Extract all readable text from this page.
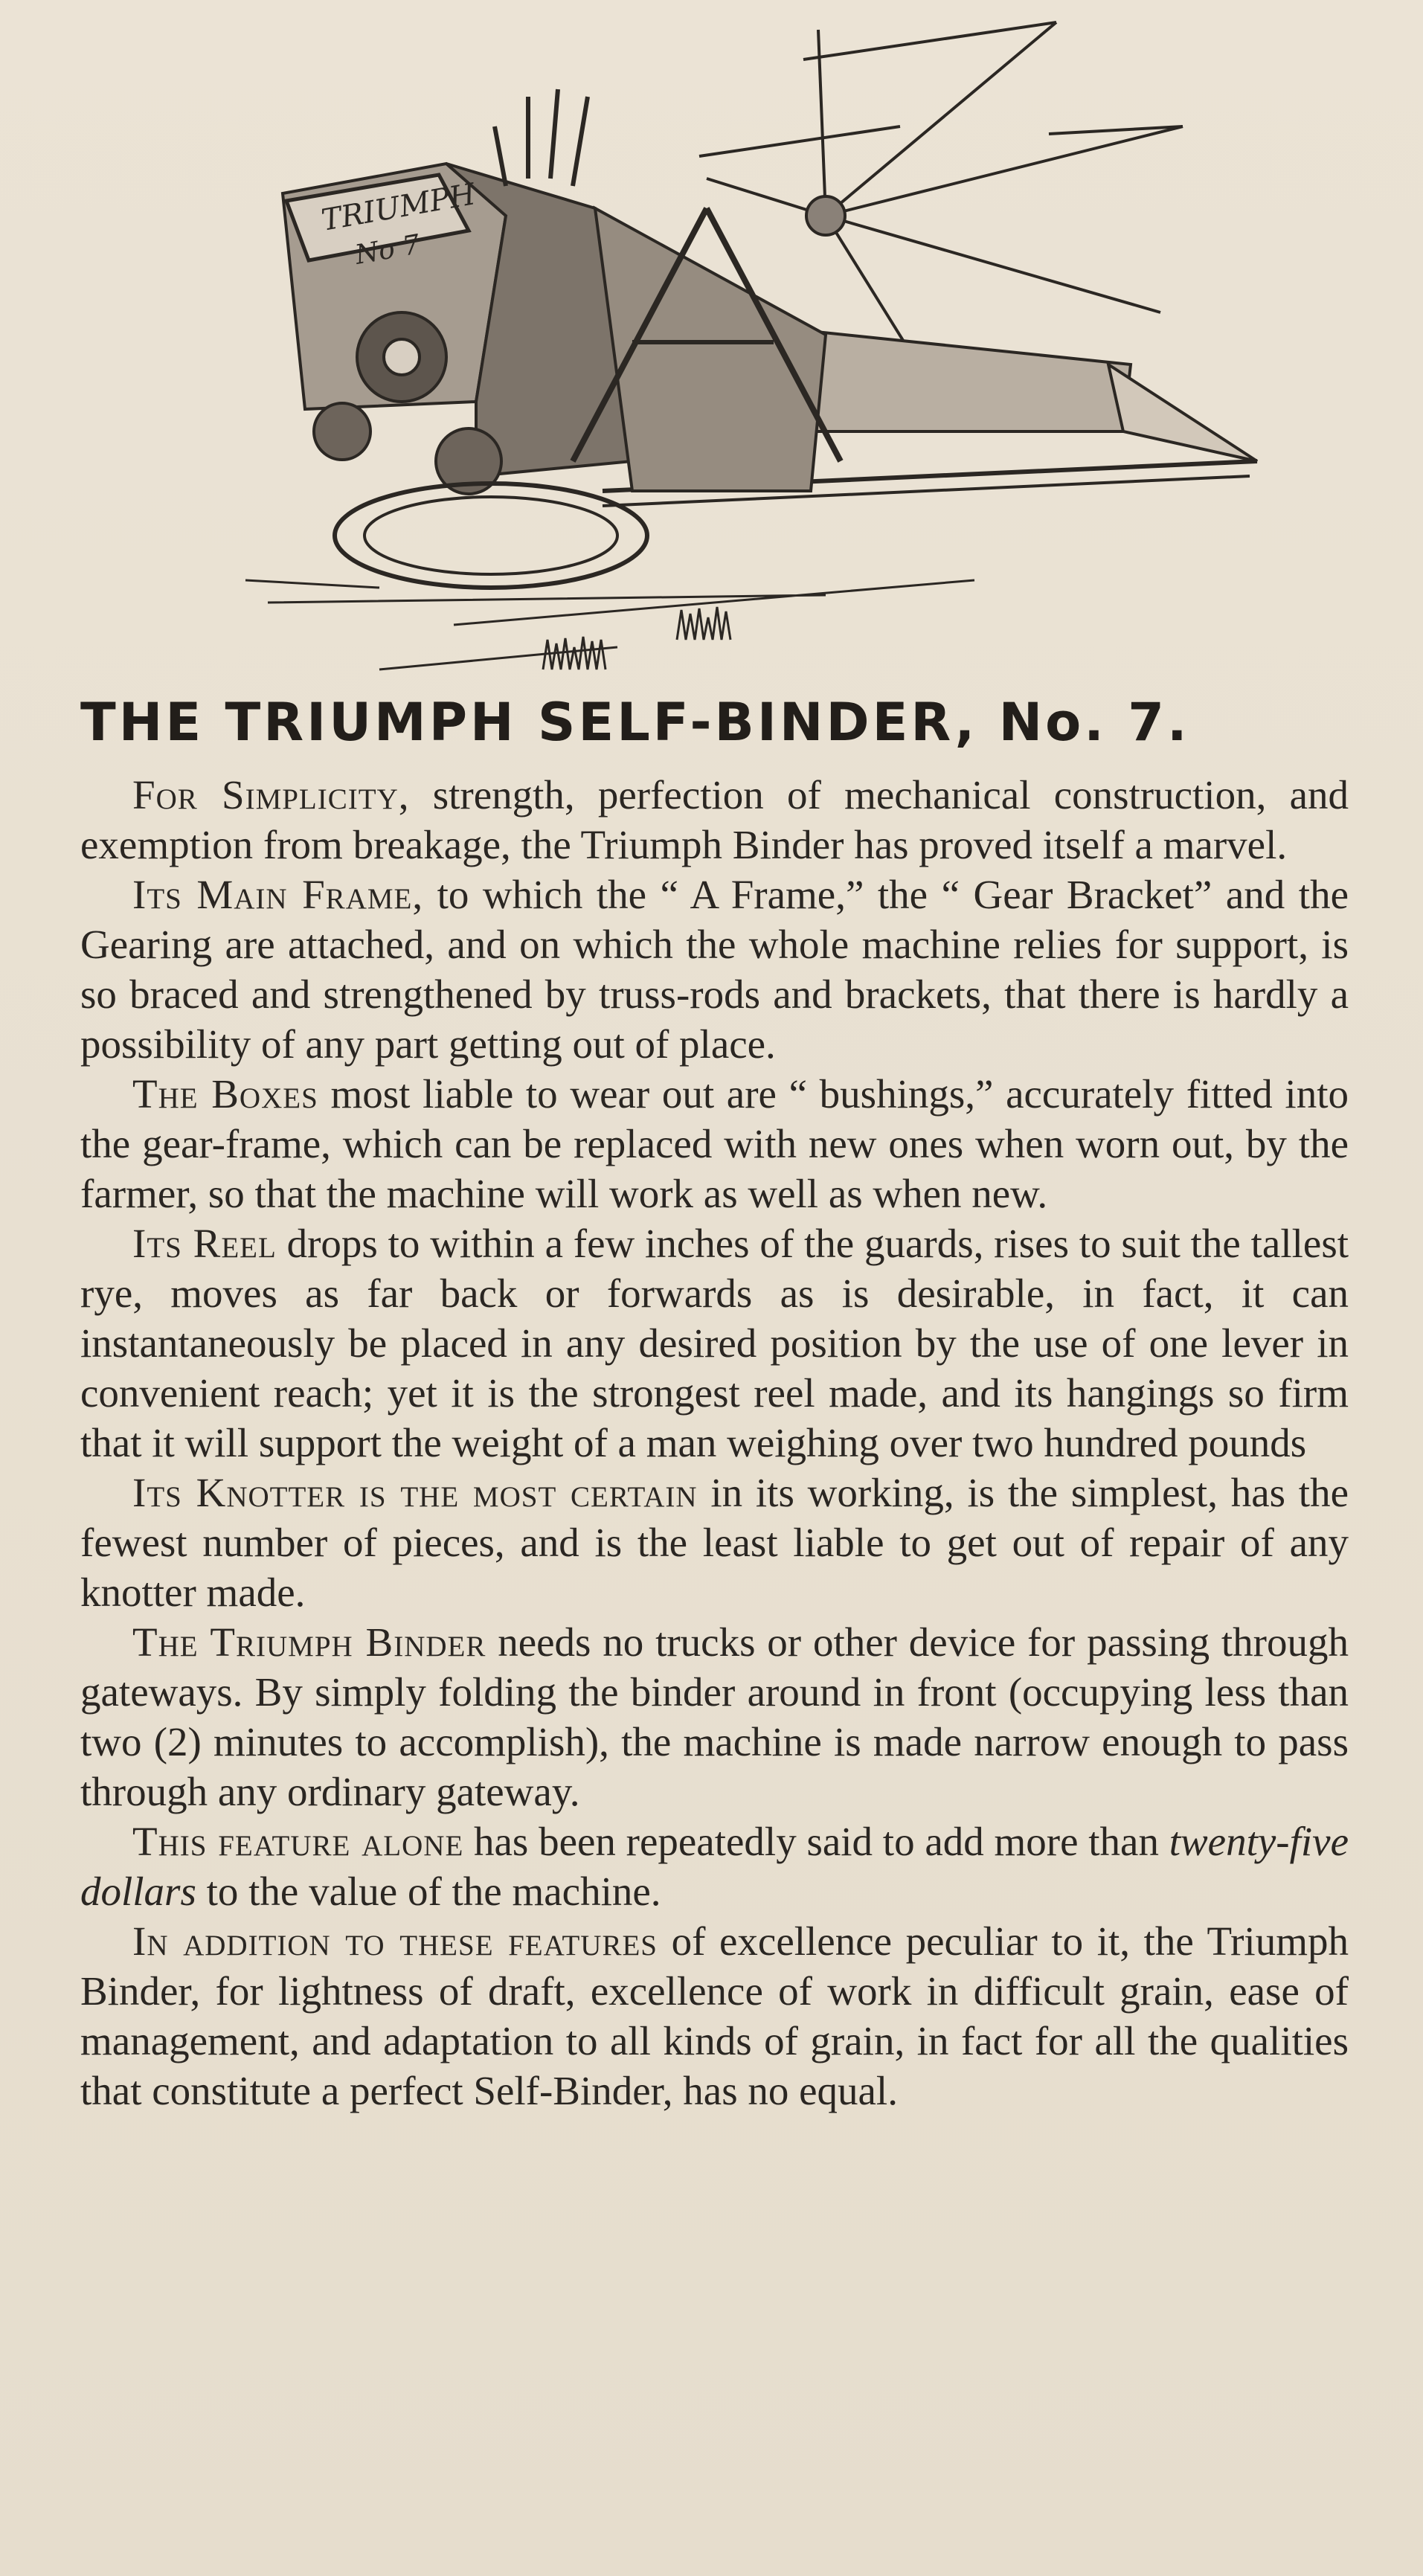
TRIUMPH
No 7
THE TRIUMPH SELF-BINDER, No. 7.

For Simplicity, strength, perfection of mechanical construction, and exemption from breakage, the Triumph Binder has proved itself a marvel.

Its Main Frame, to which the “ A Frame,” the “ Gear Bracket” and the Gearing are attached, and on which the whole machine relies for support, is so braced and strengthened by truss-rods and brackets, that there is hardly a possibility of any part getting out of place.

The Boxes most liable to wear out are “ bushings,” accurately fitted into the gear-frame, which can be replaced with new ones when worn out, by the farmer, so that the machine will work as well as when new.

Its Reel drops to within a few inches of the guards, rises to suit the tallest rye, moves as far back or forwards as is desirable, in fact, it can instantaneously be placed in any desired position by the use of one lever in convenient reach; yet it is the strongest reel made, and its hangings so firm that it will support the weight of a man weighing over two hundred pounds

Its Knotter is the most certain in its working, is the simplest, has the fewest number of pieces, and is the least liable to get out of repair of any knotter made.

The Triumph Binder needs no trucks or other device for passing through gateways. By simply folding the binder around in front (occupying less than two (2) minutes to accomplish), the machine is made narrow enough to pass through any ordinary gateway.

This feature alone has been repeatedly said to add more than twenty-five dollars to the value of the machine.

In addition to these features of excellence peculiar to it, the Triumph Binder, for lightness of draft, excellence of work in difficult grain, ease of management, and adaptation to all kinds of grain, in fact for all the qualities that constitute a perfect Self-Binder, has no equal.
